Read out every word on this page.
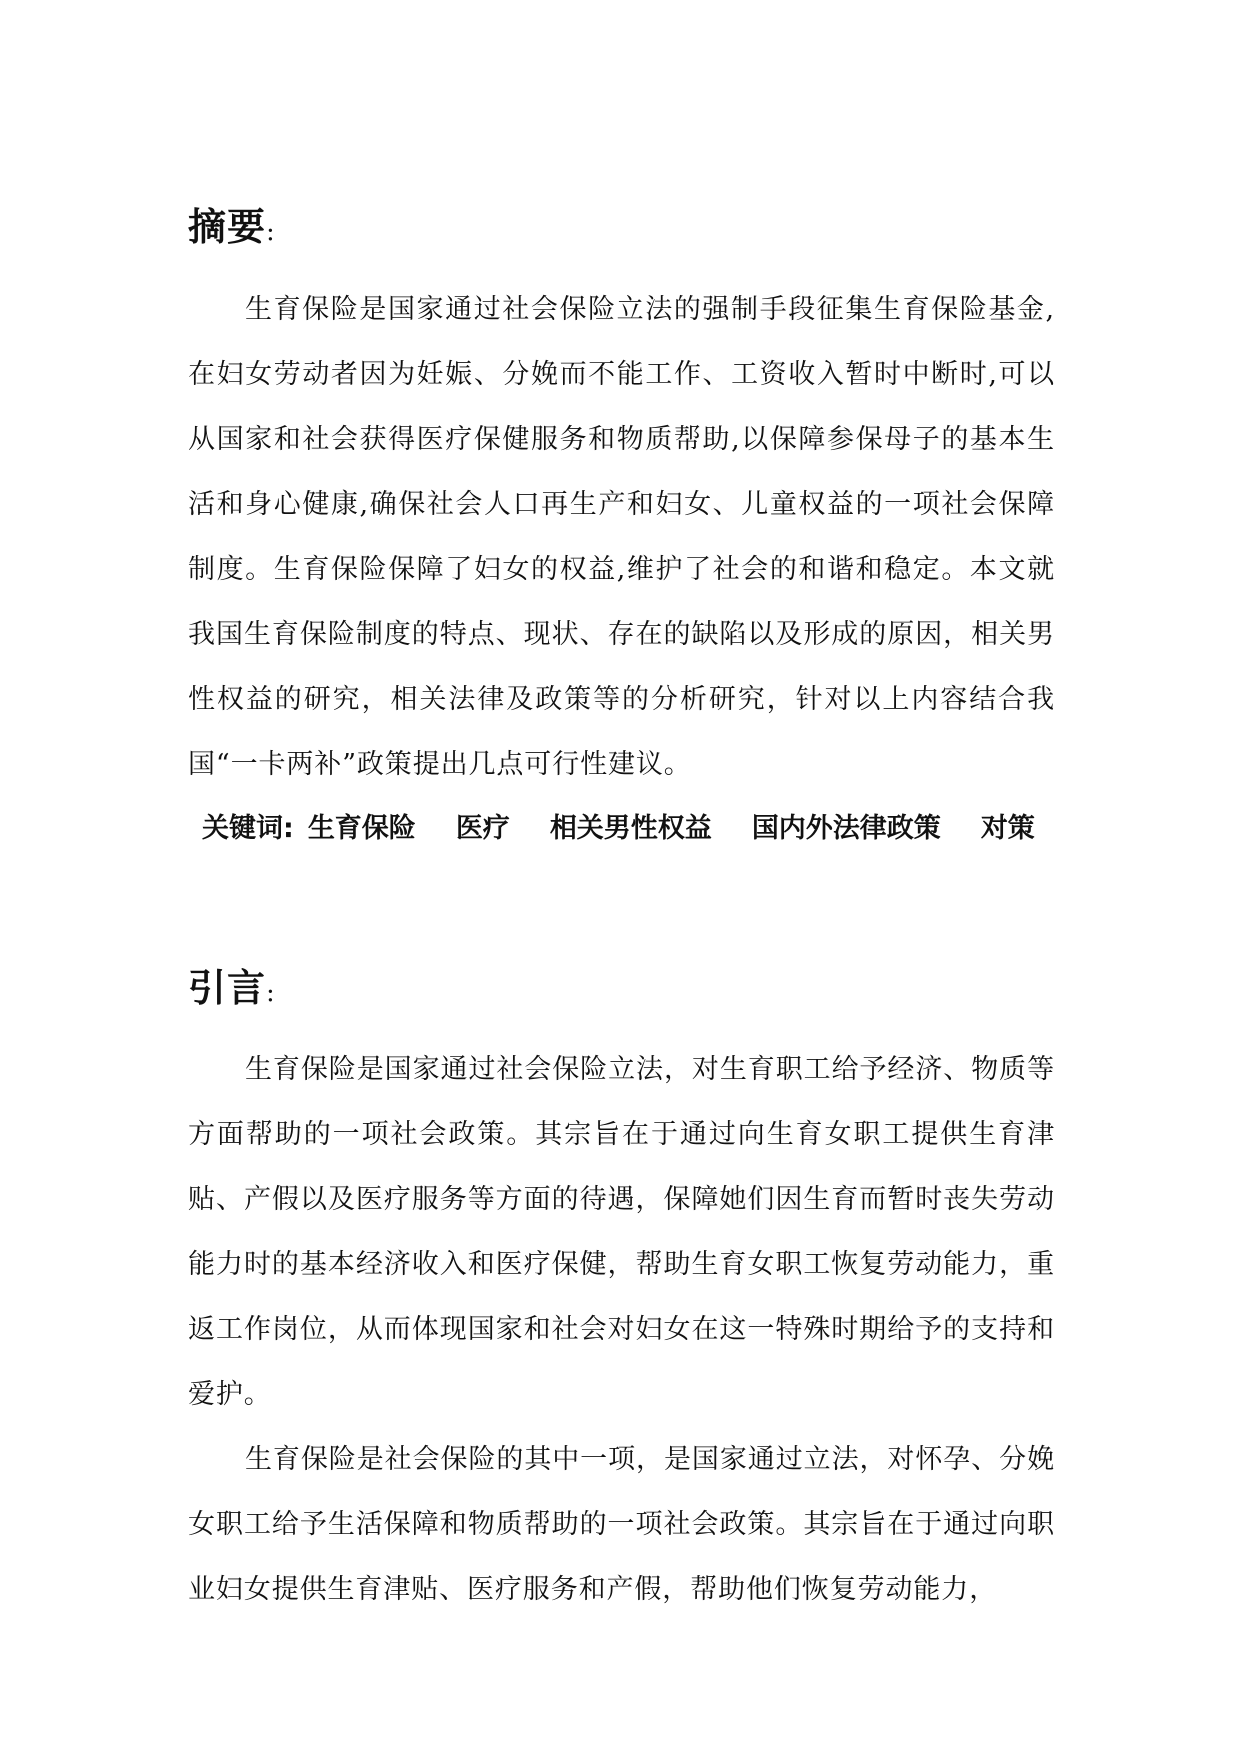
摘要:

生育保险是国家通过社会保险立法的强制手段征集生育保险基金,在妇女劳动者因为妊娠、分娩而不能工作、工资收入暂时中断时,可以从国家和社会获得医疗保健服务和物质帮助,以保障参保母子的基本生活和身心健康,确保社会人口再生产和妇女、儿童权益的一项社会保障制度。生育保险保障了妇女的权益,维护了社会的和谐和稳定。本文就我国生育保险制度的特点、现状、存在的缺陷以及形成的原因，相关男性权益的研究，相关法律及政策等的分析研究，针对以上内容结合我国“一卡两补”政策提出几点可行性建议。

关键词: 生育保险 医疗 相关男性权益 国内外法律政策 对策

引言:

生育保险是国家通过社会保险立法，对生育职工给予经济、物质等方面帮助的一项社会政策。其宗旨在于通过向生育女职工提供生育津贴、产假以及医疗服务等方面的待遇，保障她们因生育而暂时丧失劳动能力时的基本经济收入和医疗保健，帮助生育女职工恢复劳动能力，重返工作岗位，从而体现国家和社会对妇女在这一特殊时期给予的支持和爱护。

生育保险是社会保险的其中一项，是国家通过立法，对怀孕、分娩女职工给予生活保障和物质帮助的一项社会政策。其宗旨在于通过向职业妇女提供生育津贴、医疗服务和产假，帮助他们恢复劳动能力，
